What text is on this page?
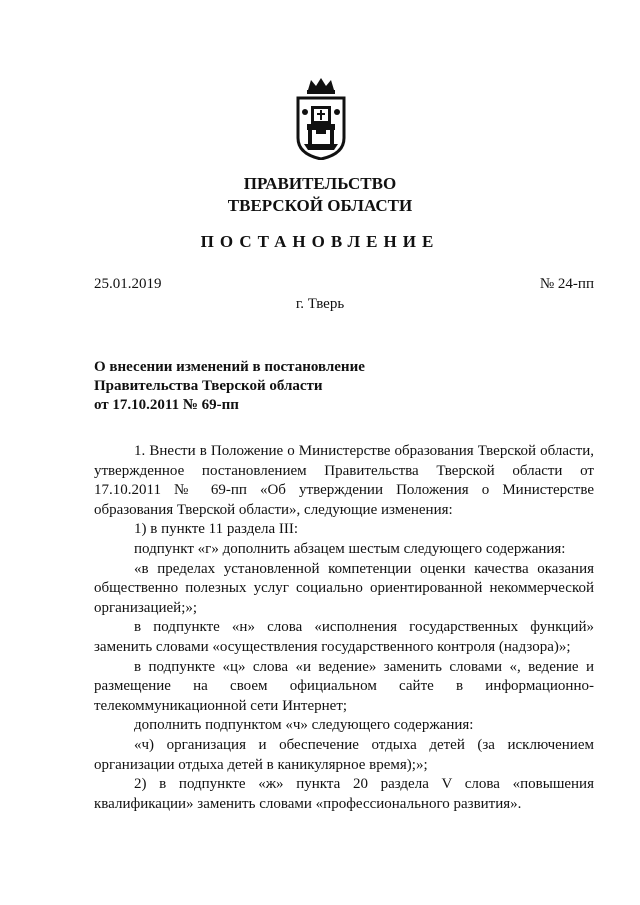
ПРАВИТЕЛЬСТВО
ТВЕРСКОЙ ОБЛАСТИ
ПОСТАНОВЛЕНИЕ
25.01.2019	№ 24-пп
г. Тверь
О внесении изменений в постановление
Правительства Тверской области
от 17.10.2011 № 69-пп

1. Внести в Положение о Министерстве образования Тверской области, утвержденное постановлением Правительства Тверской области от 17.10.2011 № 69-пп «Об утверждении Положения о Министерстве образования Тверской области», следующие изменения:

1) в пункте 11 раздела III:

подпункт «г» дополнить абзацем шестым следующего содержания:

«в пределах установленной компетенции оценки качества оказания общественно полезных услуг социально ориентированной некоммерческой организацией;»;

в подпункте «н» слова «исполнения государственных функций» заменить словами «осуществления государственного контроля (надзора)»;

в подпункте «ц» слова «и ведение» заменить словами «, ведение и размещение на своем официальном сайте в информационно-телекоммуникационной сети Интернет;

дополнить подпунктом «ч» следующего содержания:

«ч) организация и обеспечение отдыха детей (за исключением организации отдыха детей в каникулярное время);»;

2) в подпункте «ж» пункта 20 раздела V слова «повышения квалификации» заменить словами «профессионального развития».
